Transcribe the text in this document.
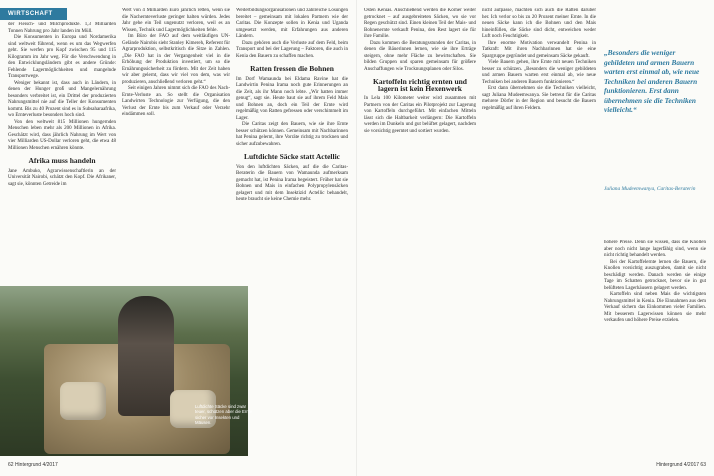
WIRTSCHAFT

der Fleisch- und Milchprodukte. 1,3 Milliarden Tonnen Nahrung pro Jahr landen im Müll.

Die Konsumenten in Europa und Nordamerika sind weltweit führend, wenn es um das Wegwerfen geht. Sie werfen pro Kopf zwischen 95 und 115 Kilogramm im Jahr weg. Für die Verschwendung in den Entwicklungsländern gibt es andere Gründe: Fehlende Lagermöglichkeiten und mangelnde Transportwege.

Weniger bekannt ist, dass auch in Ländern, in denen der Hunger groß und Mangelernährung besonders verbreitet ist, ein Drittel der produzierten Nahrungsmittel nie auf die Teller der Konsumenten kommt. Bis zu 40 Prozent sind es in Subsaharaafrika, wo Ernteverluste besonders hoch sind.

Von den weltweit 815 Millionen hungernden Menschen leben mehr als 200 Millionen in Afrika. Geschätzt wird, dass jährlich Nahrung im Wert von vier Milliarden US-Dollar verloren geht, die etwa 48 Millionen Menschen ernähren könnte.

Afrika muss handeln

Jane Ambuko, Agrarwissenschaftlerin an der Universität Nairobi, schätzt den Kopf. Die Afrikaner, sagt sie, könnten Getreide im

Wert von 4 Milliarden Euro jährlich retten, wenn sie die Nachernteverluste geringer halten würden. Jedes Jahr gehe ein Teil ungenutzt verloren, weil es an Wissen, Technik und Lagermöglichkeiten fehle.

Im Büro der FAO auf dem weitläufigen UN-Gelände Nairobis sieht Stanley Kimereh, Referent für Agrarproduktion, selbstkritisch die Sitze in Zahlen. „Die FAO hat in der Vergangenheit viel in die Erhöhung der Produktion investiert, um so die Ernährungssicherheit zu fördern. Mit der Zeit haben wir aber gelernt, dass wir viel von dem, was wir produzieren, anschließend verloren geht.“

Seit einigen Jahren nimmt sich die FAO des Nach-Ernte-Verluste an. So stellt die Organisation Landwirten Technologie zur Verfügung, die den Verlust der Ernte bis zum Verkauf oder Verzehr eindämmen soll.

Weiterbildungsorganisationen und zahlreiche Lösungen bereitet – gemeinsam mit lokalen Partnern wie der Caritas. Die Konzepte sollen in Kenia und Uganda umgesetzt werden, mit Erfahrungen aus anderen Ländern.

Dazu gehören auch die Verluste auf dem Feld, beim Transport und bei der Lagerung – Faktoren, die auch in Kenia den Bauern zu schaffen machen.

Ratten fressen die Bohnen

Im Dorf Wamaunda bei Eldama Ravine hat die Landwirtin Penina Irama noch gute Erinnerungen an die Zeit, als ihr Mann noch lebte. „Wir hatten immer genug“, sagt sie. Heute baut sie auf ihrem Feld Mais und Bohnen an, doch ein Teil der Ernte wird regelmäßig von Ratten gefressen oder verschimmelt im Lager.

Die Caritas zeigt den Bauern, wie sie ihre Ernte besser schützen können. Gemeinsam mit Nachbarinnen hat Penina gelernt, ihre Vorräte richtig zu trocknen und sicher aufzubewahren.

Luftdichte Säcke statt Actellic

Von den luftdichten Säcken, auf die die Caritas-Beraterin die Bauern von Wamaunda aufmerksam gemacht hat, ist Penina Irama begeistert. Früher hat sie Bohnen und Mais in einfachen Polypropylensäcken gelagert und mit dem Insektizid Actellic behandelt, heute braucht sie keine Chemie mehr.

Luftdichte Säcke sind zwar teuer, schützen aber die Ernte sicher vor Insekten und Mäusen.

Osten Kenias. Anschließend werden die Körner weiter getrocknet – auf ausgebreiteten Säcken, wo sie vor Regen geschützt sind. Einen kleinen Teil der Mais- und Bohnenernte verkauft Penina, den Rest lagert sie für ihre Familie.

Dazu kommen die Beratungsstunden der Caritas, in denen die Bäuerinnen lernen, wie sie ihre Erträge steigern, ohne mehr Fläche zu bewirtschaften. Sie bilden Gruppen und sparen gemeinsam für größere Anschaffungen wie Trocknungsplanen oder Silos.

Kartoffeln richtig ernten und lagern ist kein Hexenwerk

In Lela 100 Kilometer weiter wird zusammen mit Partnern von der Caritas ein Pilotprojekt zur Lagerung von Kartoffeln durchgeführt. Mit einfachen Mitteln lässt sich die Haltbarkeit verlängern: Die Kartoffeln werden im Dunkeln und gut belüftet gelagert, nachdem sie vorsichtig geerntet und sortiert wurden.

nicht aufpasse, machten sich auch die Ratten darüber her. Ich verlor so bis zu 20 Prozent meiner Ernte. In die neuen Säcke kann ich die Bohnen und den Mais hineinfüllen, die Säcke sind dicht, entweichen weder Luft noch Feuchtigkeit.

Ihre enorme Motivation verwandelt Penina in Tatkraft: Mit ihren Nachbarinnen hat sie eine Spargruppe gegründet und gemeinsam Säcke gekauft.

Viele Bauern gehen, ihre Ernte mit neuen Techniken besser zu schützen. „Besonders die weniger gebildeten und armen Bauern warten erst einmal ab, wie neue Techniken bei anderen Bauern funktionieren.“

Erst dann übernehmen sie die Techniken vielleicht, sagt Juliana Mudeemwanya. Sie betreut für die Caritas mehrere Dörfer in der Region und besucht die Bauern regelmäßig auf ihren Feldern.

„Besonders die weniger gebildeten und armen Bauern warten erst einmal ab, wie neue Techniken bei anderen Bauern funktionieren. Erst dann übernehmen sie die Techniken vielleicht.“
Juliana Mudeemwanya, Caritas-Beraterin

höhere Preise. Denn sie wissen, dass die Knollen aber noch nicht lange lagerfähig sind, wenn sie nicht richtig behandelt werden.

Bei der Kartoffelernte lernen die Bauern, die Knollen vorsichtig auszugraben, damit sie nicht beschädigt werden. Danach werden sie einige Tage im Schatten getrocknet, bevor sie in gut belüfteten Lagerhäusern gelagert werden.

Kartoffeln sind neben Mais die wichtigsten Nahrungsmittel in Kenia. Die Einnahmen aus dem Verkauf sichern das Einkommen vieler Familien. Mit besserem Lagerwissen können sie mehr verkaufen und höhere Preise erzielen.

62 Hintergrund 4/2017	Hintergrund 4/2017 63
